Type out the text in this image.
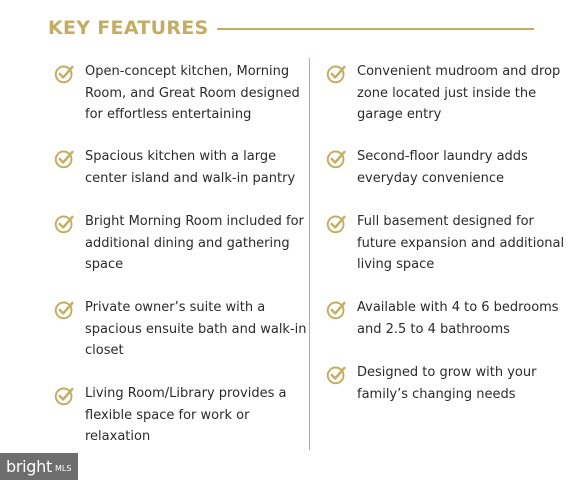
KEY FEATURES
Open-concept kitchen, Morning Room, and Great Room designed for effortless entertaining
Spacious kitchen with a large center island and walk-in pantry
Bright Morning Room included for additional dining and gathering space
Private owner’s suite with a spacious ensuite bath and walk-in closet
Living Room/Library provides a flexible space for work or relaxation
Convenient mudroom and drop zone located just inside the garage entry
Second-floor laundry adds everyday convenience
Full basement designed for future expansion and additional living space
Available with 4 to 6 bedrooms and 2.5 to 4 bathrooms
Designed to grow with your family’s changing needs
bright MLS
